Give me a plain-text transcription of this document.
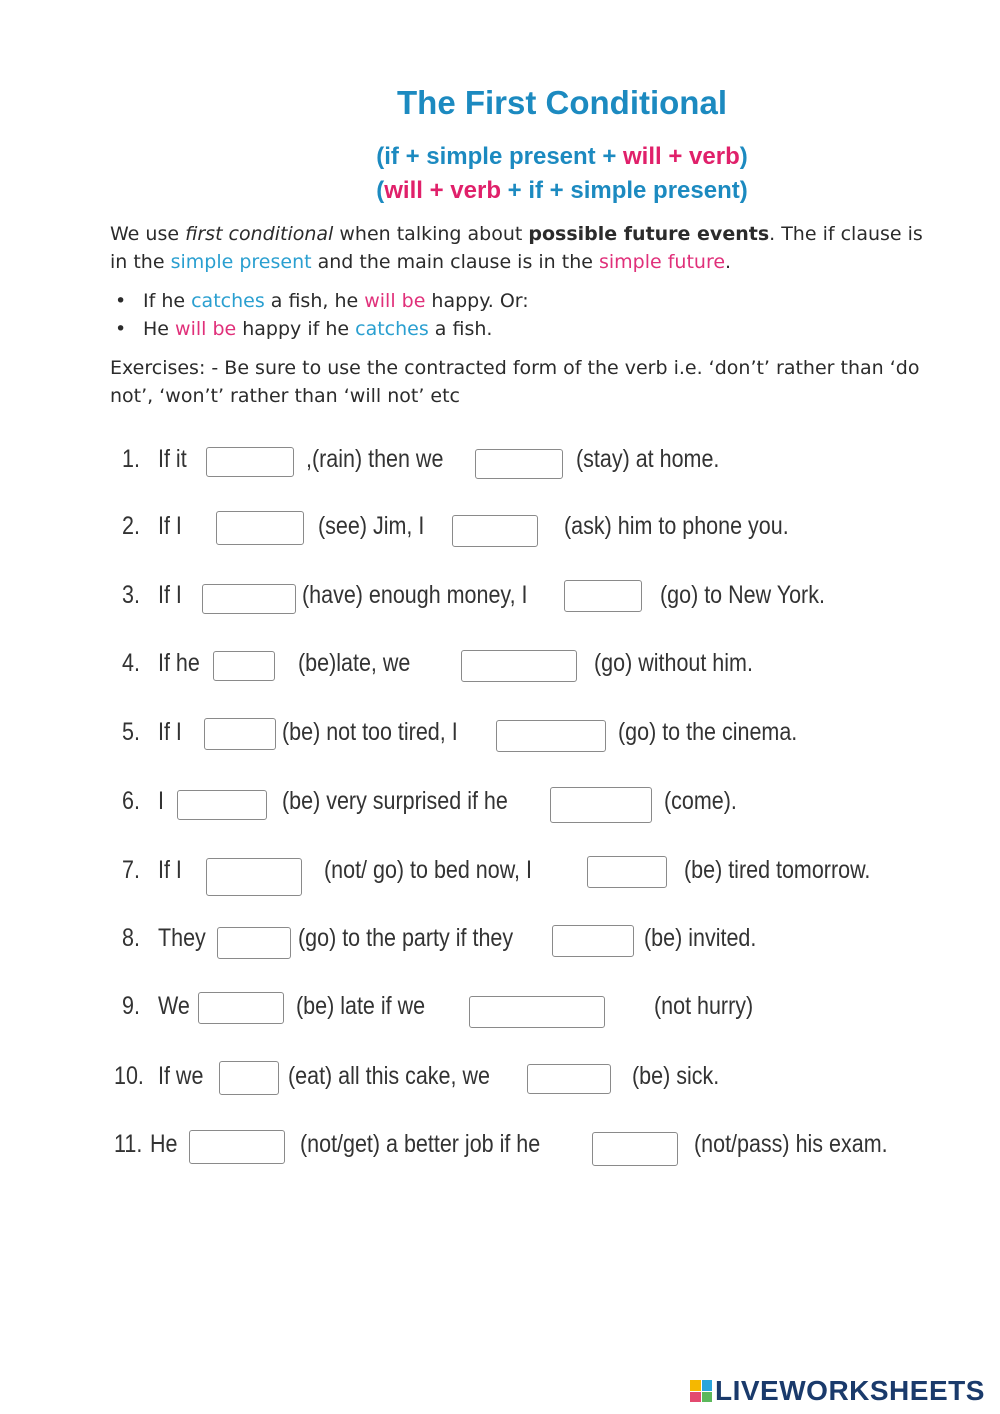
The First Conditional
(if + simple present + will + verb)
(will + verb + if + simple present)
We use first conditional when talking about possible future events. The if clause is in the simple present and the main clause is in the simple future.
• If he catches a fish, he will be happy. Or:
• He will be happy if he catches a fish.
Exercises: - Be sure to use the contracted form of the verb i.e. ‘don’t’ rather than ‘do not’, ‘won’t’ rather than ‘will not’ etc
1. If it	,(rain) then we	(stay) at home.
2. If I	(see) Jim, I	(ask) him to phone you.
3. If I	(have) enough money, I	(go) to New York.
4. If he	(be)late, we	(go) without him.
5. If I	(be) not too tired, I	(go) to the cinema.
6. I	(be) very surprised if he	(come).
7. If I	(not/ go) to bed now, I	(be) tired tomorrow.
8. They	(go) to the party if they	(be) invited.
9. We	(be) late if we	(not hurry)
10. If we	(eat) all this cake, we	(be) sick.
11. He	(not/get) a better job if he	(not/pass) his exam.
LIVEWORKSHEETS
